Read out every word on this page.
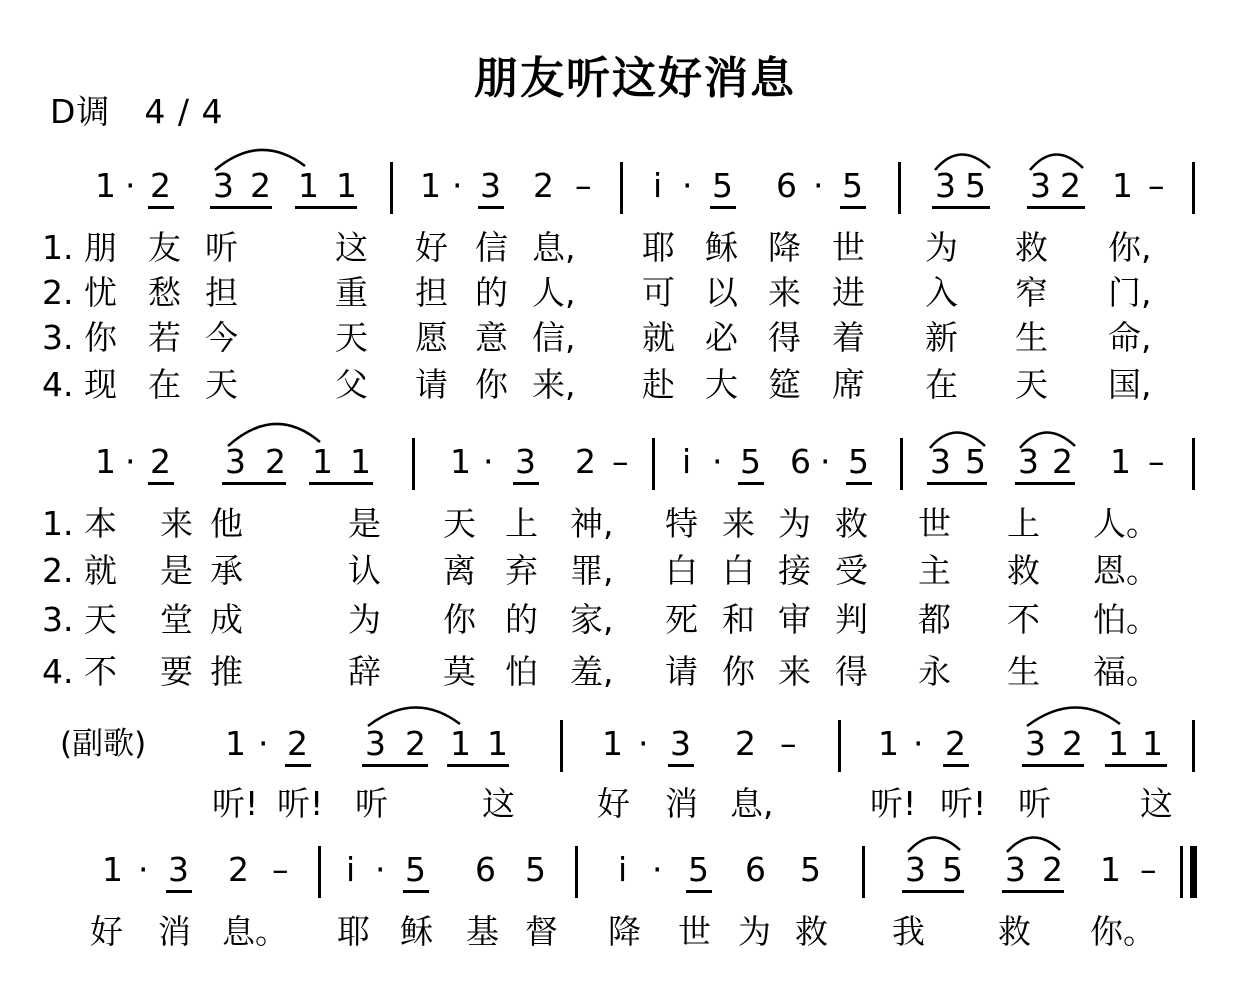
朋友听这好消息
D调　4 / 4
1 · 2 3 2 1 1 1 · 3 2 – i · 5 6 · 5 3 5 3 2 1 –
1. 朋 友 听	这 好 信 息, 耶 稣 降 世 为 救 你,
2. 忧 愁 担	重 担 的 人, 可 以 来 进 入 窄 门,
3. 你 若 今	天 愿 意 信, 就 必 得 着 新 生 命,
4. 现 在 天	父 请 你 来, 赴 大 筵 席 在 天 国,
1 · 2 3 2 1 1 1 · 3 2 – i · 5 6 · 5 3 5 3 2 1 –
1. 本 来 他	是 天 上 神, 特 来 为 救 世 上 人。
2. 就 是 承	认 离 弃 罪, 白 白 接 受 主 救 恩。
3. 天 堂 成	为 你 的 家, 死 和 审 判 都 不 怕。
4. 不 要 推	辞 莫 怕 羞, 请 你 来 得 永 生 福。
(副歌) 1 · 2 3 2 1 1	1 · 3 2 – 1 · 2 3 2 1 1
听! 听! 听	这 好 消 息,	听! 听! 听	这
1 · 3 2 – i · 5 6 5 i · 5 6 5	3 5 3 2 1 –
好 消 息。 耶 稣 基 督 降 世 为 救 我 救 你。
